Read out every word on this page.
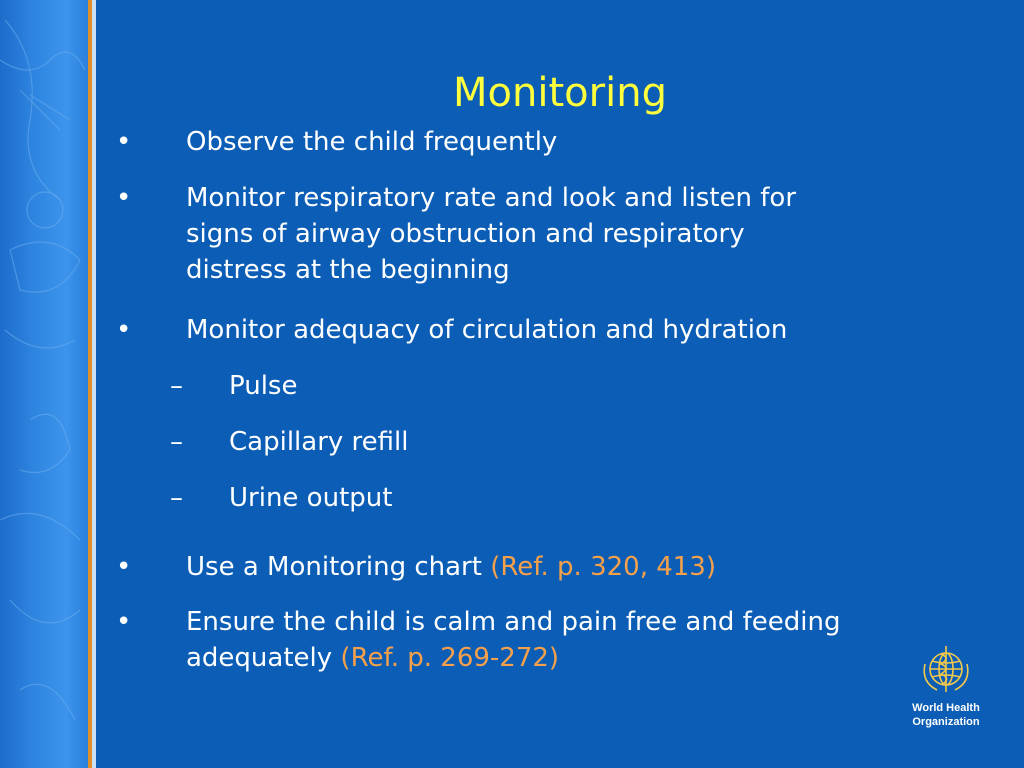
Monitoring
• Observe the child frequently
• Monitor respiratory rate and look and listen for signs of airway obstruction and respiratory distress at the beginning
• Monitor adequacy of circulation and hydration
– Pulse
– Capillary refill
– Urine output
• Use a Monitoring chart (Ref. p. 320, 413)
• Ensure the child is calm and pain free and feeding adequately (Ref. p. 269-272)
World Health
Organization
